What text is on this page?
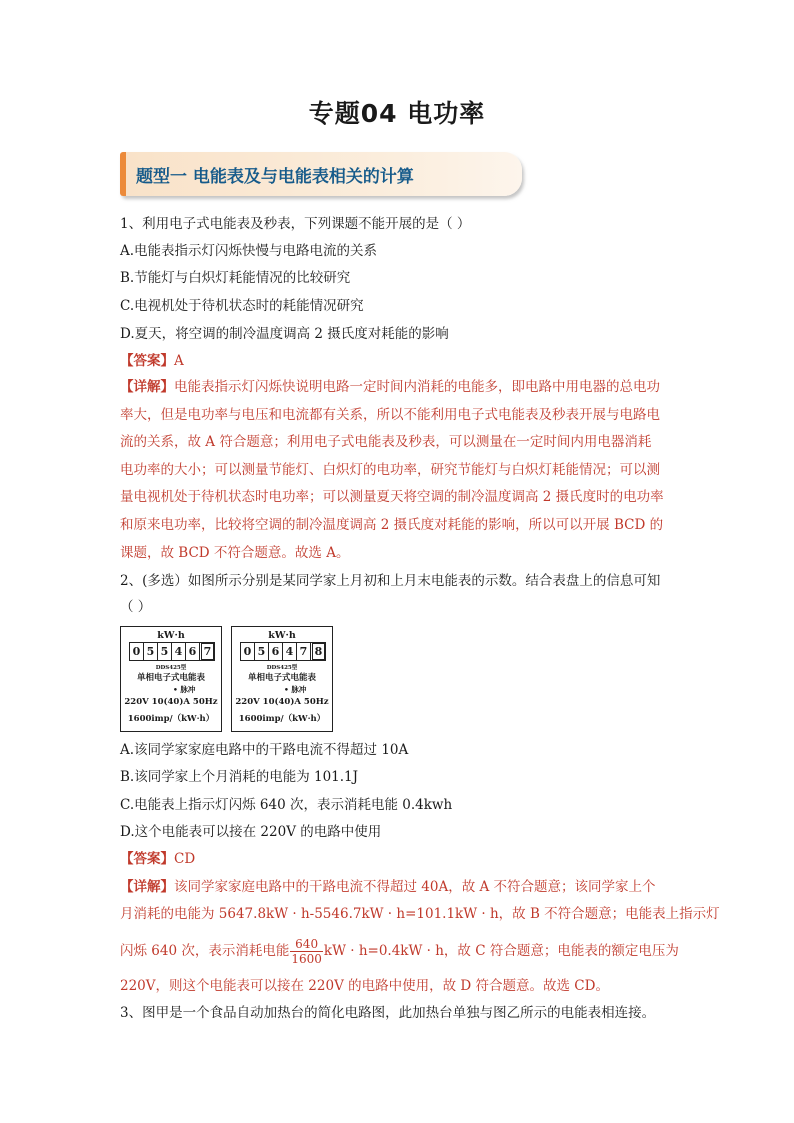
专题04 电功率
题型一 电能表及与电能表相关的计算
1、利用电子式电能表及秒表，下列课题不能开展的是（ ）
A.电能表指示灯闪烁快慢与电路电流的关系
B.节能灯与白炽灯耗能情况的比较研究
C.电视机处于待机状态时的耗能情况研究
D.夏天，将空调的制冷温度调高 2 摄氏度对耗能的影响
【答案】A
【详解】电能表指示灯闪烁快说明电路一定时间内消耗的电能多，即电路中用电器的总电功
率大，但是电功率与电压和电流都有关系，所以不能利用电子式电能表及秒表开展与电路电
流的关系，故 A 符合题意；利用电子式电能表及秒表，可以测量在一定时间内用电器消耗
电功率的大小；可以测量节能灯、白炽灯的电功率，研究节能灯与白炽灯耗能情况；可以测
量电视机处于待机状态时电功率；可以测量夏天将空调的制冷温度调高 2 摄氏度时的电功率
和原来电功率，比较将空调的制冷温度调高 2 摄氏度对耗能的影响，所以可以开展 BCD 的
课题，故 BCD 不符合题意。故选 A。
2、(多选）如图所示分别是某同学家上月初和上月末电能表的示数。结合表盘上的信息可知
（ ）
kW·h
0 5 5 4 6 7
DDS425型
单相电子式电能表
• 脉冲
220V 10(40)A 50Hz
1600imp/（kW·h）
kW·h
0 5 6 4 7 8
DDS425型
单相电子式电能表
• 脉冲
220V 10(40)A 50Hz
1600imp/（kW·h）
A.该同学家家庭电路中的干路电流不得超过 10A
B.该同学家上个月消耗的电能为 101.1J
C.电能表上指示灯闪烁 640 次，表示消耗电能 0.4kwh
D.这个电能表可以接在 220V 的电路中使用
【答案】CD
【详解】该同学家家庭电路中的干路电流不得超过 40A，故 A 不符合题意；该同学家上个
月消耗的电能为 5647.8kW · h-5546.7kW · h=101.1kW · h，故 B 不符合题意；电能表上指示灯
闪烁 640 次，表示消耗电能 $\frac{640}{1600}$ kW · h=0.4kW · h，故 C 符合题意；电能表的额定电压为
220V，则这个电能表可以接在 220V 的电路中使用，故 D 符合题意。故选 CD。
3、图甲是一个食品自动加热台的简化电路图，此加热台单独与图乙所示的电能表相连接。
